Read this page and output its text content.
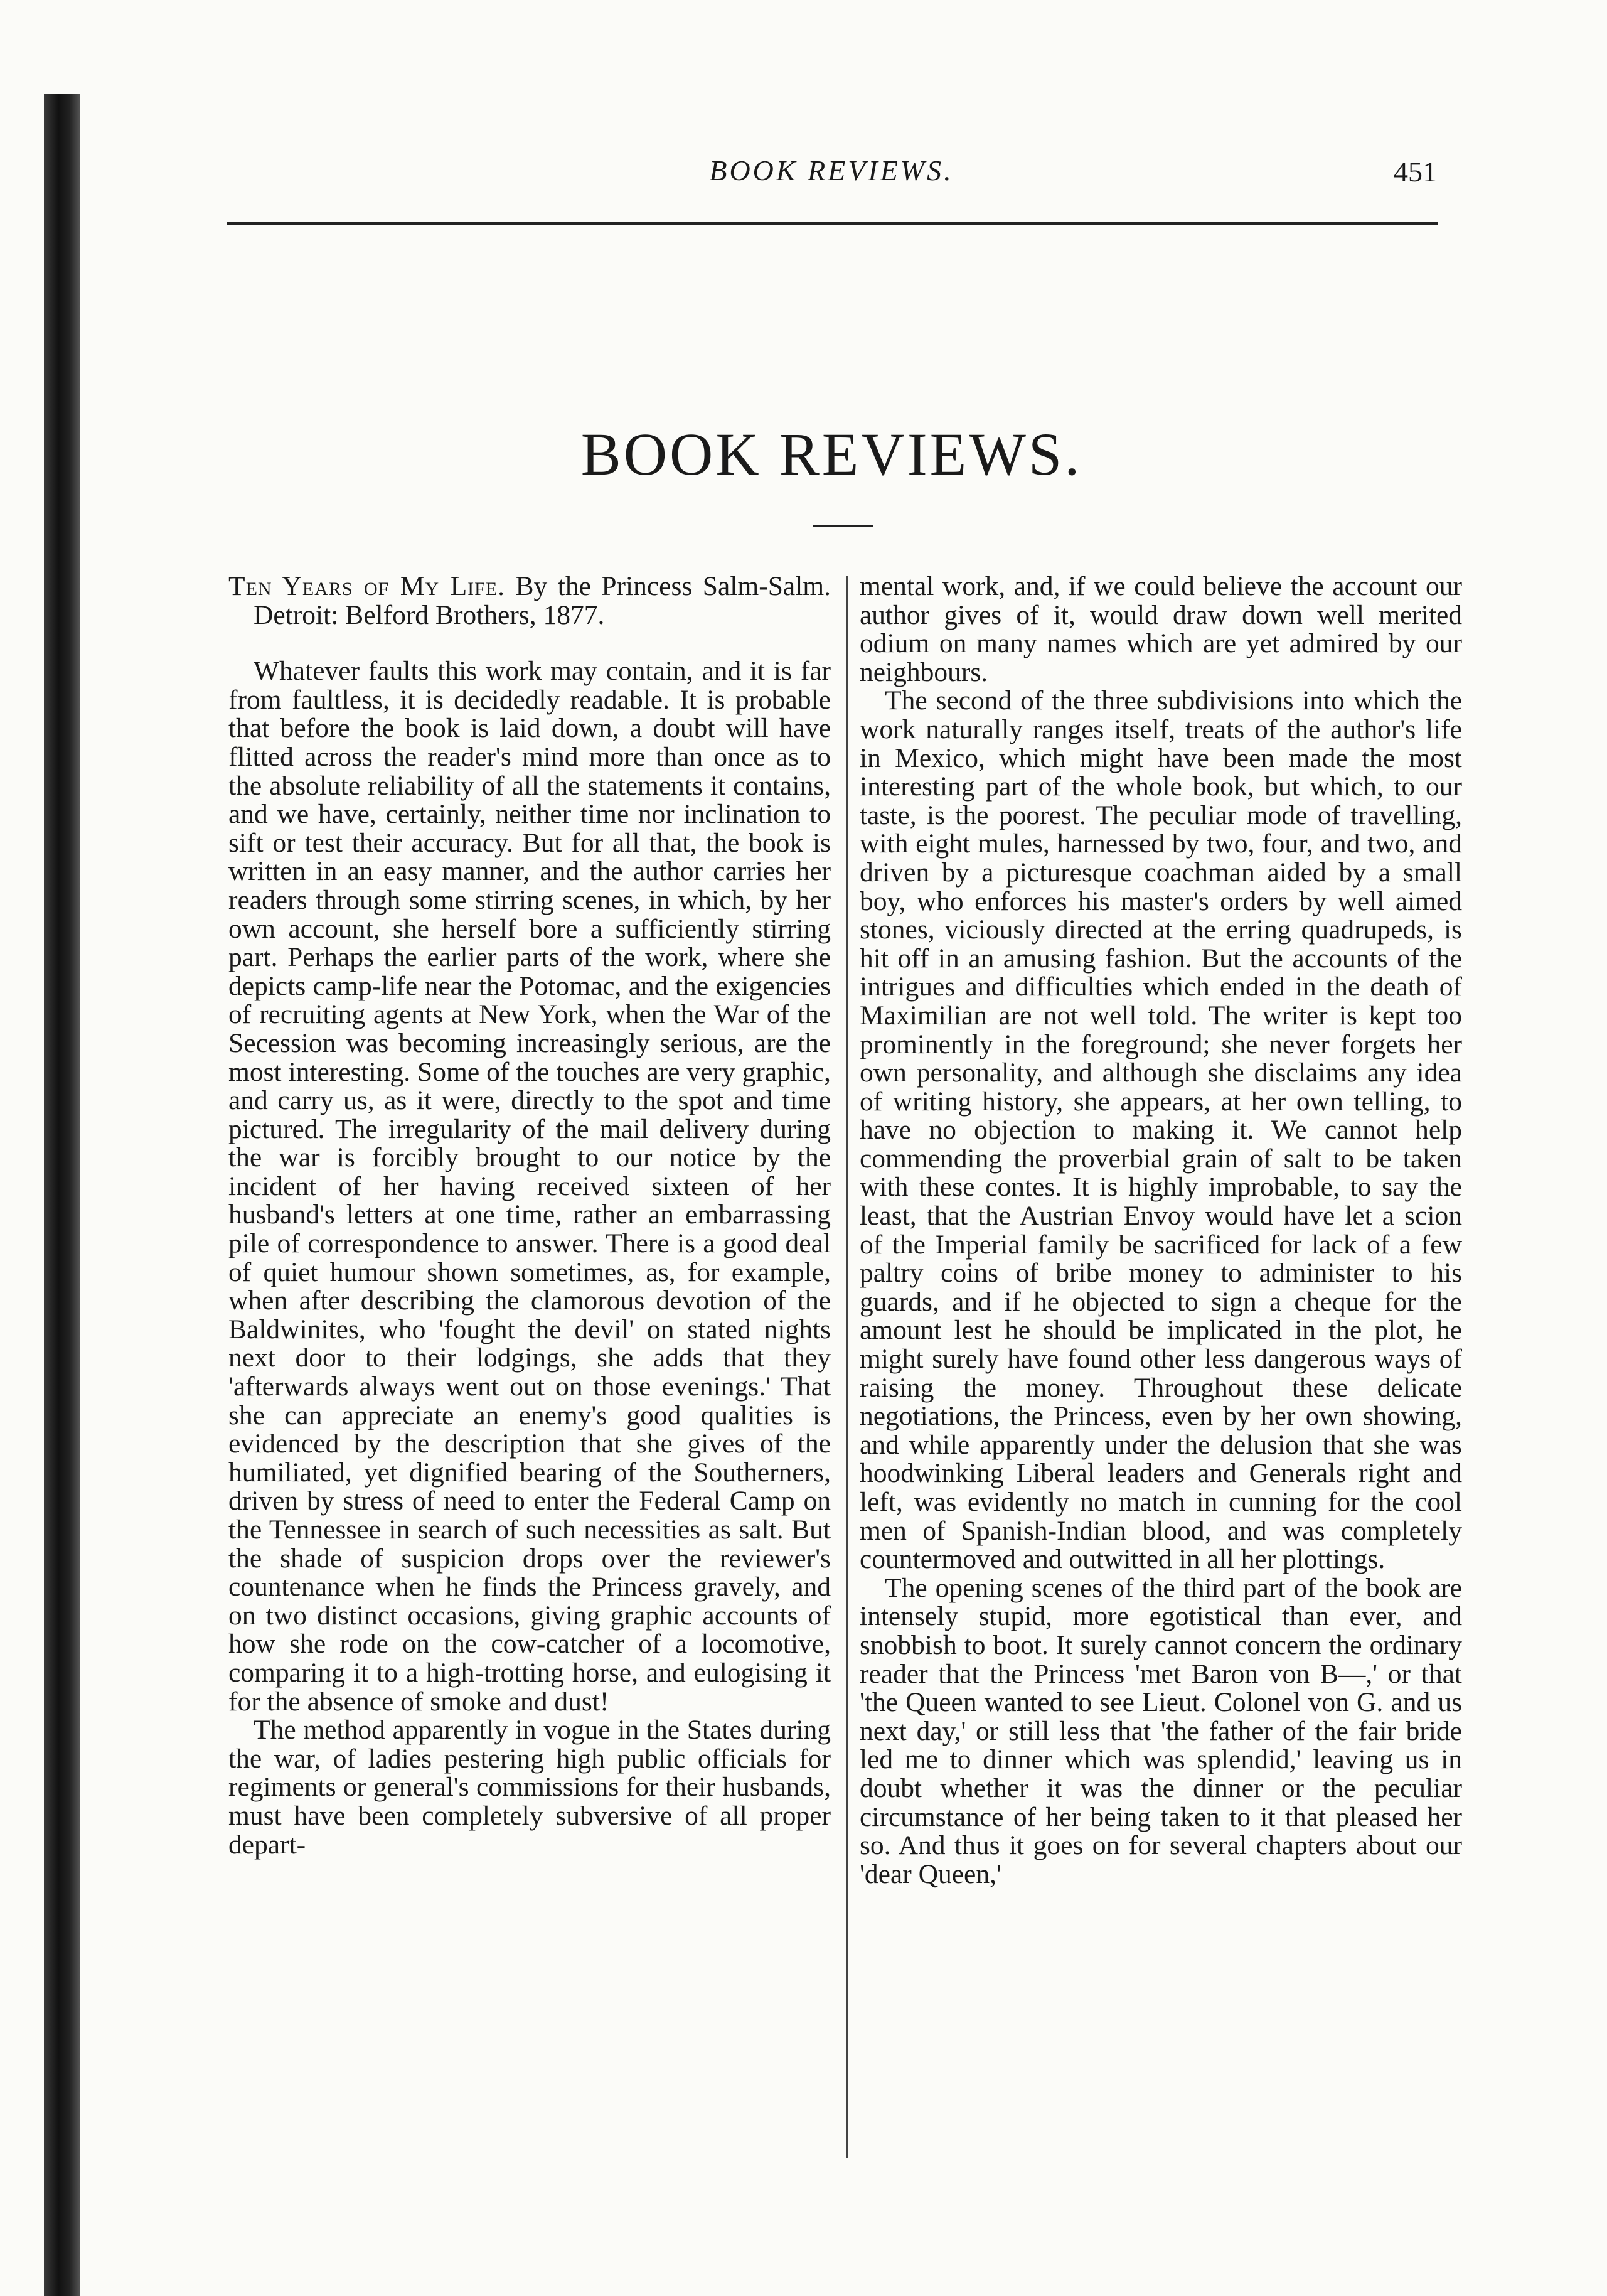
BOOK REVIEWS.	451
BOOK REVIEWS.

Ten Years of My Life. By the Princess Salm-Salm. Detroit: Belford Brothers, 1877.

Whatever faults this work may contain, and it is far from faultless, it is decidedly readable. It is probable that before the book is laid down, a doubt will have flitted across the reader's mind more than once as to the absolute reliability of all the statements it contains, and we have, certainly, neither time nor inclination to sift or test their accuracy. But for all that, the book is written in an easy manner, and the author carries her readers through some stirring scenes, in which, by her own account, she herself bore a sufficiently stirring part. Perhaps the earlier parts of the work, where she depicts camp-life near the Potomac, and the exigencies of recruiting agents at New York, when the War of the Secession was becoming increasingly serious, are the most interesting. Some of the touches are very graphic, and carry us, as it were, directly to the spot and time pictured. The irregularity of the mail delivery during the war is forcibly brought to our notice by the incident of her having received sixteen of her husband's letters at one time, rather an embarrassing pile of correspondence to answer. There is a good deal of quiet humour shown sometimes, as, for example, when after describing the clamorous devotion of the Baldwinites, who 'fought the devil' on stated nights next door to their lodgings, she adds that they 'afterwards always went out on those evenings.' That she can appreciate an enemy's good qualities is evidenced by the description that she gives of the humiliated, yet dignified bearing of the Southerners, driven by stress of need to enter the Federal Camp on the Tennessee in search of such necessities as salt. But the shade of suspicion drops over the reviewer's countenance when he finds the Princess gravely, and on two distinct occasions, giving graphic accounts of how she rode on the cow-catcher of a locomotive, comparing it to a high-trotting horse, and eulogising it for the absence of smoke and dust!

The method apparently in vogue in the States during the war, of ladies pestering high public officials for regiments or general's commissions for their husbands, must have been completely subversive of all proper depart-

mental work, and, if we could believe the account our author gives of it, would draw down well merited odium on many names which are yet admired by our neighbours.

The second of the three subdivisions into which the work naturally ranges itself, treats of the author's life in Mexico, which might have been made the most interesting part of the whole book, but which, to our taste, is the poorest. The peculiar mode of travelling, with eight mules, harnessed by two, four, and two, and driven by a picturesque coachman aided by a small boy, who enforces his master's orders by well aimed stones, viciously directed at the erring quadrupeds, is hit off in an amusing fashion. But the accounts of the intrigues and difficulties which ended in the death of Maximilian are not well told. The writer is kept too prominently in the foreground; she never forgets her own personality, and although she disclaims any idea of writing history, she appears, at her own telling, to have no objection to making it. We cannot help commending the proverbial grain of salt to be taken with these contes. It is highly improbable, to say the least, that the Austrian Envoy would have let a scion of the Imperial family be sacrificed for lack of a few paltry coins of bribe money to administer to his guards, and if he objected to sign a cheque for the amount lest he should be implicated in the plot, he might surely have found other less dangerous ways of raising the money. Throughout these delicate negotiations, the Princess, even by her own showing, and while apparently under the delusion that she was hoodwinking Liberal leaders and Generals right and left, was evidently no match in cunning for the cool men of Spanish-Indian blood, and was completely countermoved and outwitted in all her plottings.

The opening scenes of the third part of the book are intensely stupid, more egotistical than ever, and snobbish to boot. It surely cannot concern the ordinary reader that the Princess 'met Baron von B—,' or that 'the Queen wanted to see Lieut. Colonel von G. and us next day,' or still less that 'the father of the fair bride led me to dinner which was splendid,' leaving us in doubt whether it was the dinner or the peculiar circumstance of her being taken to it that pleased her so. And thus it goes on for several chapters about our 'dear Queen,'
